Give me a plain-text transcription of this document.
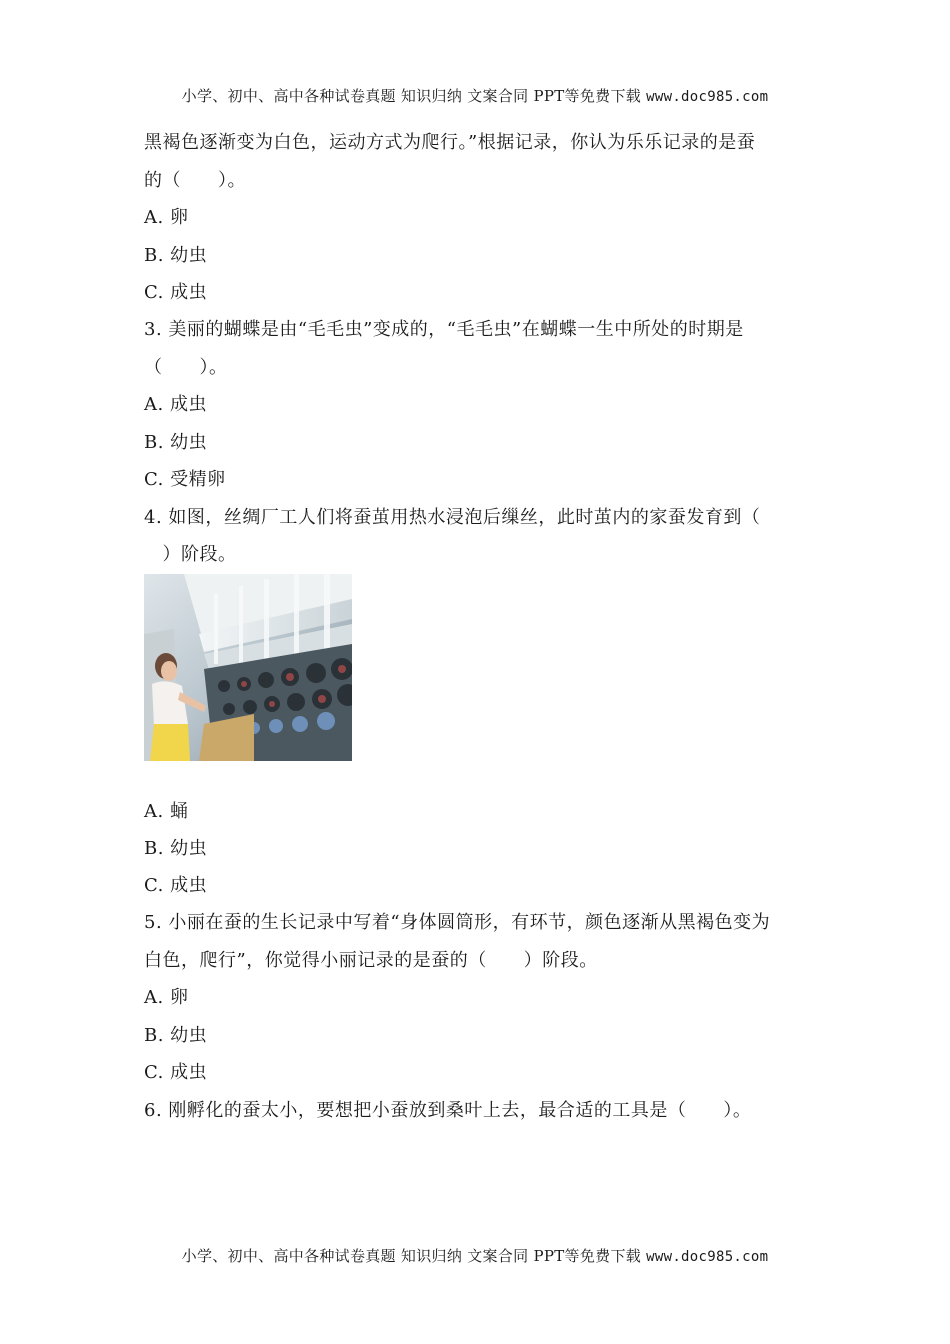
小学、初中、高中各种试卷真题 知识归纳 文案合同 PPT等免费下载 www.doc985.com
黑褐色逐渐变为白色，运动方式为爬行。”根据记录，你认为乐乐记录的是蚕
的（　　）。
A. 卵
B. 幼虫
C. 成虫
3. 美丽的蝴蝶是由“毛毛虫”变成的，“毛毛虫”在蝴蝶一生中所处的时期是
（　　）。
A. 成虫
B. 幼虫
C. 受精卵
4. 如图，丝绸厂工人们将蚕茧用热水浸泡后缫丝，此时茧内的家蚕发育到（
　）阶段。
A. 蛹
B. 幼虫
C. 成虫
5. 小丽在蚕的生长记录中写着“身体圆筒形，有环节，颜色逐渐从黑褐色变为
白色，爬行”，你觉得小丽记录的是蚕的（　　）阶段。
A. 卵
B. 幼虫
C. 成虫
6. 刚孵化的蚕太小，要想把小蚕放到桑叶上去，最合适的工具是（　　）。
小学、初中、高中各种试卷真题 知识归纳 文案合同 PPT等免费下载 www.doc985.com
